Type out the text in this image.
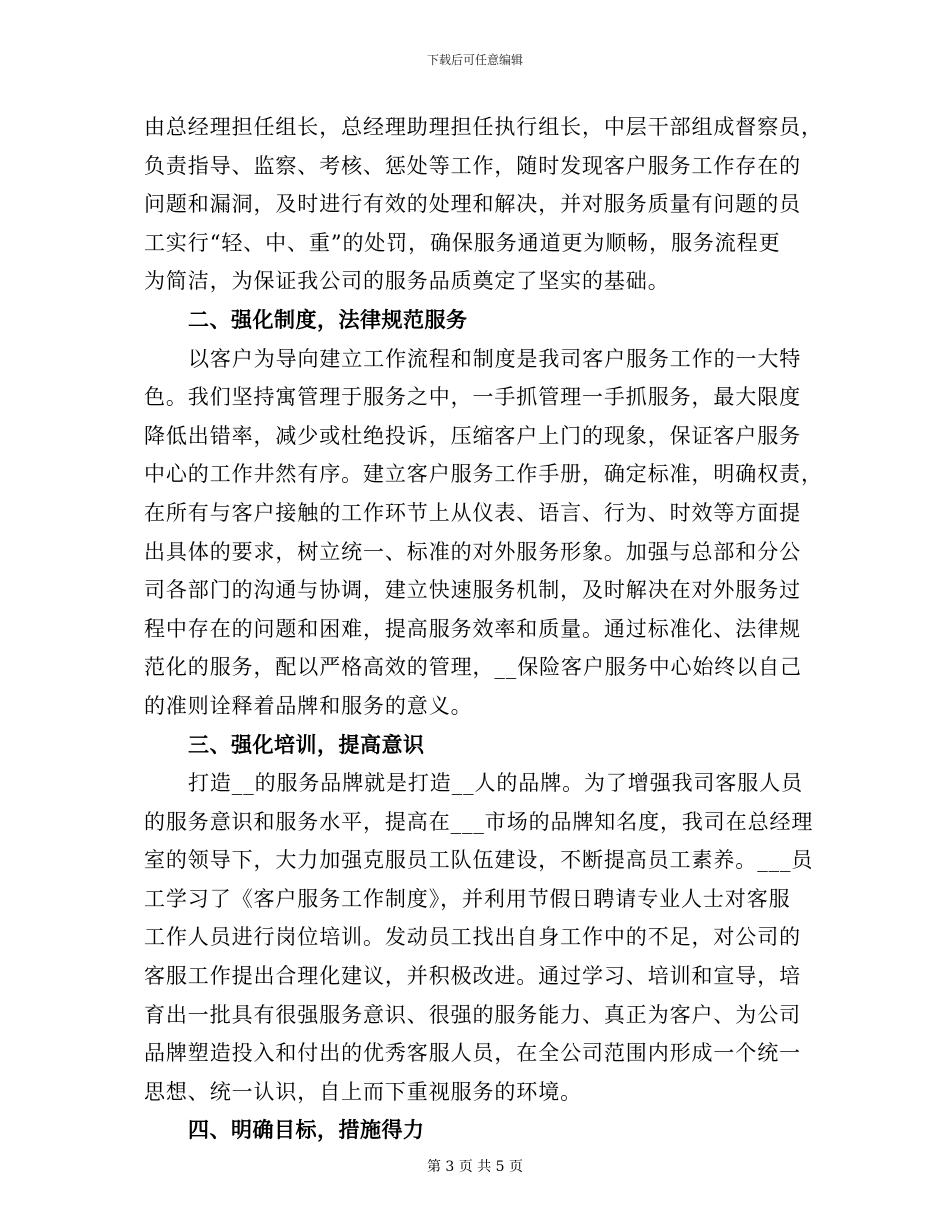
下载后可任意编辑
由总经理担任组长，总经理助理担任执行组长，中层干部组成督察员，
负责指导、监察、考核、惩处等工作，随时发现客户服务工作存在的
问题和漏洞，及时进行有效的处理和解决，并对服务质量有问题的员
工实行“轻、中、重”的处罚，确保服务通道更为顺畅，服务流程更
为简洁，为保证我公司的服务品质奠定了坚实的基础。
二、强化制度，法律规范服务
以客户为导向建立工作流程和制度是我司客户服务工作的一大特
色。我们坚持寓管理于服务之中，一手抓管理一手抓服务，最大限度
降低出错率，减少或杜绝投诉，压缩客户上门的现象，保证客户服务
中心的工作井然有序。建立客户服务工作手册，确定标准，明确权责，
在所有与客户接触的工作环节上从仪表、语言、行为、时效等方面提
出具体的要求，树立统一、标准的对外服务形象。加强与总部和分公
司各部门的沟通与协调，建立快速服务机制，及时解决在对外服务过
程中存在的问题和困难，提高服务效率和质量。通过标准化、法律规
范化的服务，配以严格高效的管理，__保险客户服务中心始终以自己
的准则诠释着品牌和服务的意义。
三、强化培训，提高意识
打造__的服务品牌就是打造__人的品牌。为了增强我司客服人员
的服务意识和服务水平，提高在___市场的品牌知名度，我司在总经理
室的领导下，大力加强克服员工队伍建设，不断提高员工素养。___员
工学习了《客户服务工作制度》，并利用节假日聘请专业人士对客服
工作人员进行岗位培训。发动员工找出自身工作中的不足，对公司的
客服工作提出合理化建议，并积极改进。通过学习、培训和宣导，培
育出一批具有很强服务意识、很强的服务能力、真正为客户、为公司
品牌塑造投入和付出的优秀客服人员，在全公司范围内形成一个统一
思想、统一认识，自上而下重视服务的环境。
四、明确目标，措施得力
第 3 页 共 5 页
